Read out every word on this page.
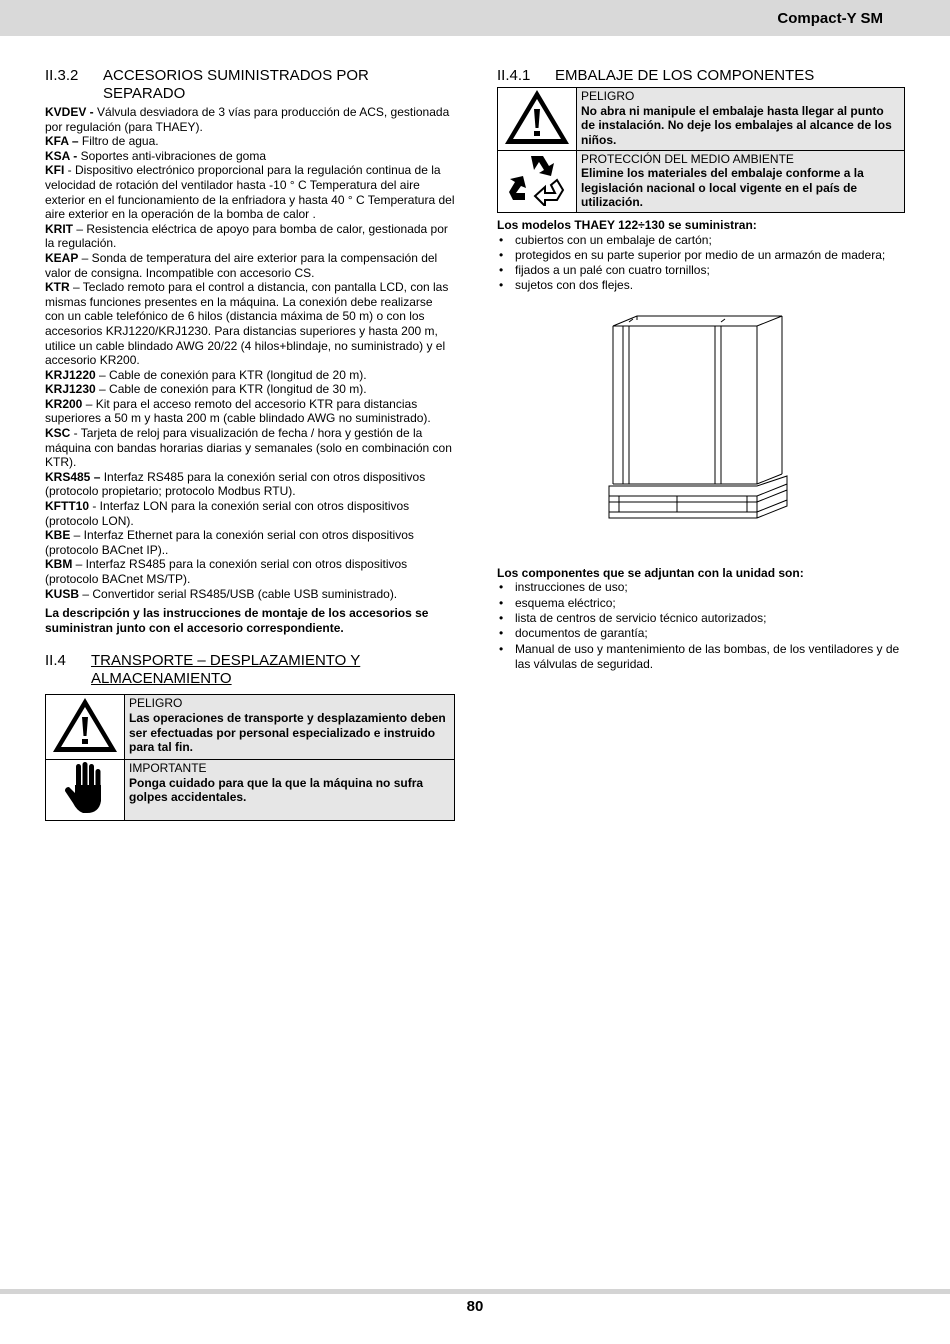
Compact-Y SM
II.3.2	ACCESORIOS SUMINISTRADOS POR SEPARADO
KVDEV - Válvula desviadora de 3 vías para producción de ACS, gestionada por regulación (para THAEY).
KFA – Filtro de agua.
KSA - Soportes anti-vibraciones de goma
KFI - Dispositivo electrónico proporcional para la regulación continua de la velocidad de rotación del ventilador hasta -10 ° C Temperatura del aire exterior en el funcionamiento de la enfriadora y hasta 40 ° C Temperatura del aire exterior en la operación de la bomba de calor .
KRIT – Resistencia eléctrica de apoyo para bomba de calor, gestionada por la regulación.
KEAP – Sonda de temperatura del aire exterior para la compensación del valor de consigna. Incompatible con accesorio CS.
KTR – Teclado remoto para el control a distancia, con pantalla LCD, con las mismas funciones presentes en la máquina. La conexión debe realizarse con un cable telefónico de 6 hilos (distancia máxima de 50 m) o con los accesorios KRJ1220/KRJ1230. Para distancias superiores y hasta 200 m, utilice un cable blindado AWG 20/22 (4 hilos+blindaje, no suministrado) y el accesorio KR200.
KRJ1220 – Cable de conexión para KTR (longitud de 20 m).
KRJ1230 – Cable de conexión para KTR (longitud de 30 m).
KR200 – Kit para el acceso remoto del accesorio KTR para distancias superiores a 50 m y hasta 200 m (cable blindado AWG no suministrado).
KSC - Tarjeta de reloj para visualización de fecha / hora y gestión de la máquina con bandas horarias diarias y semanales (solo en combinación con KTR).
KRS485 – Interfaz RS485 para la conexión serial con otros dispositivos (protocolo propietario; protocolo Modbus RTU).
KFTT10 - Interfaz LON para la conexión serial con otros dispositivos (protocolo LON).
KBE – Interfaz Ethernet para la conexión serial con otros dispositivos (protocolo BACnet IP)..
KBM – Interfaz RS485 para la conexión serial con otros dispositivos (protocolo BACnet MS/TP).
KUSB – Convertidor serial RS485/USB (cable USB suministrado).
La descripción y las instrucciones de montaje de los accesorios se suministran junto con el accesorio correspondiente.
II.4	TRANSPORTE – DESPLAZAMIENTO Y ALMACENAMIENTO

PELIGRO
Las operaciones de transporte y desplazamiento deben ser efectuadas por personal especializado e instruido para tal fin.

IMPORTANTE
Ponga cuidado para que la que la máquina no sufra golpes accidentales.
II.4.1	EMBALAJE DE LOS COMPONENTES

PELIGRO
No abra ni manipule el embalaje hasta llegar al punto de instalación. No deje los embalajes al alcance de los niños.

PROTECCIÓN DEL MEDIO AMBIENTE
Elimine los materiales del embalaje conforme a la legislación nacional o local vigente en el país de utilización.
Los modelos THAEY 122÷130 se suministran:
• cubiertos con un embalaje de cartón;
• protegidos en su parte superior por medio de un armazón de madera;
• fijados a un palé con cuatro tornillos;
• sujetos con dos flejes.
Los componentes que se adjuntan con la unidad son:
• instrucciones de uso;
• esquema eléctrico;
• lista de centros de servicio técnico autorizados;
• documentos de garantía;
• Manual de uso y mantenimiento de las bombas, de los ventiladores y de las válvulas de seguridad.
80
